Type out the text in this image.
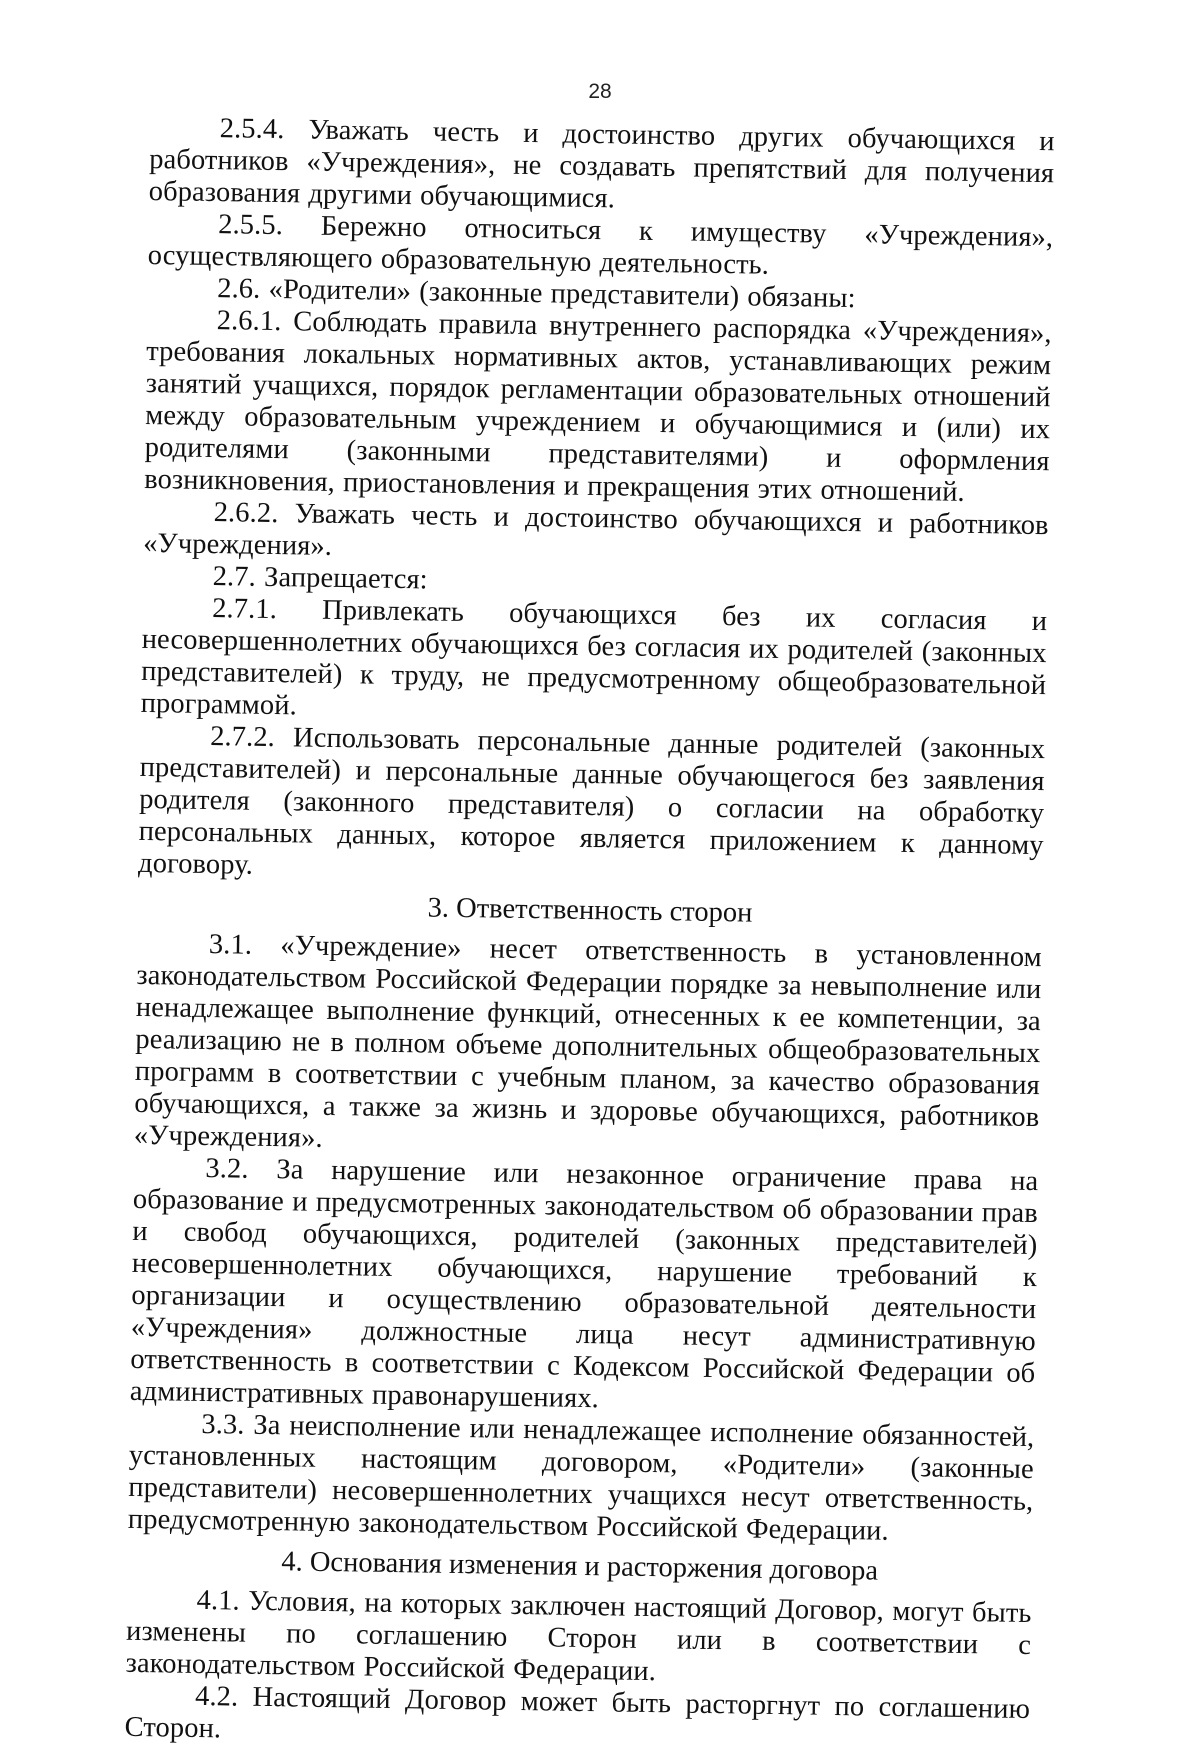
28

2.5.4. Уважать честь и достоинство других обучающихся и работников «Учреждения», не создавать препятствий для получения образования другими обучающимися.

2.5.5. Бережно относиться к имуществу «Учреждения», осуществляющего образовательную деятельность.

2.6. «Родители» (законные представители) обязаны:

2.6.1. Соблюдать правила внутреннего распорядка «Учреждения», требования локальных нормативных актов, устанавливающих режим занятий учащихся, порядок регламентации образовательных отношений между образовательным учреждением и обучающимися и (или) их родителями (законными представителями) и оформления возникновения, приостановления и прекращения этих отношений.

2.6.2. Уважать честь и достоинство обучающихся и работников «Учреждения».

2.7. Запрещается:

2.7.1. Привлекать обучающихся без их согласия и несовершеннолетних обучающихся без согласия их родителей (законных представителей) к труду, не предусмотренному общеобразовательной программой.

2.7.2. Использовать персональные данные родителей (законных представителей) и персональные данные обучающегося без заявления родителя (законного представителя) о согласии на обработку персональных данных, которое является приложением к данному договору.

3. Ответственность сторон

3.1. «Учреждение» несет ответственность в установленном законодательством Российской Федерации порядке за невыполнение или ненадлежащее выполнение функций, отнесенных к ее компетенции, за реализацию не в полном объеме дополнительных общеобразовательных программ в соответствии с учебным планом, за качество образования обучающихся, а также за жизнь и здоровье обучающихся, работников «Учреждения».

3.2. За нарушение или незаконное ограничение права на образование и предусмотренных законодательством об образовании прав и свобод обучающихся, родителей (законных представителей) несовершеннолетних обучающихся, нарушение требований к организации и осуществлению образовательной деятельности «Учреждения» должностные лица несут административную ответственность в соответствии с Кодексом Российской Федерации об административных правонарушениях.

3.3. За неисполнение или ненадлежащее исполнение обязанностей, установленных настоящим договором, «Родители» (законные представители) несовершеннолетних учащихся несут ответственность, предусмотренную законодательством Российской Федерации.

4. Основания изменения и расторжения договора

4.1. Условия, на которых заключен настоящий Договор, могут быть изменены по соглашению Сторон или в соответствии с законодательством Российской Федерации.

4.2. Настоящий Договор может быть расторгнут по соглашению Сторон.
